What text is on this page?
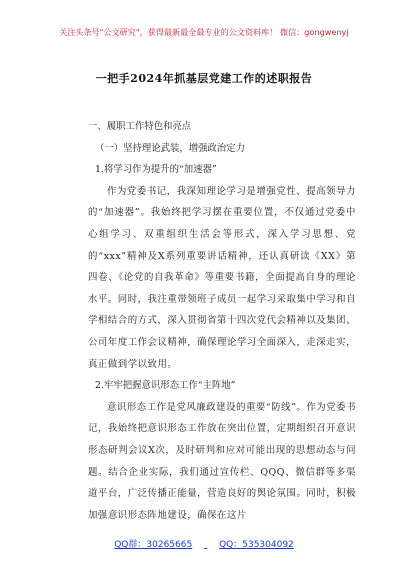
关注头条号"公文研究"，获得最新最全最专业的公文资料库！ 微信：gongwenyj
一把手2024年抓基层党建工作的述职报告

一、履职工作特色和亮点

（一）坚持理论武装，增强政治定力

1.将学习作为提升的“加速器”

作为党委书记，我深知理论学习是增强党性、提高领导力的“加速器”。我始终把学习摆在重要位置，不仅通过党委中心组学习、双重组织生活会等形式，深入学习思想、党的“xxx”精神及X系列重要讲话精神，还认真研读《XX》第四卷、《论党的自我革命》等重要书籍，全面提高自身的理论水平。同时，我注重带领班子成员一起学习采取集中学习和自学相结合的方式，深入贯彻省第十四次党代会精神以及集团、公司年度工作会议精神，确保理论学习全面深入，走深走实，真正做到学以致用。

2.牢牢把握意识形态工作“主阵地”

意识形态工作是党风廉政建设的重要“防线”。作为党委书记，我始终把意识形态工作放在突出位置，定期组织召开意识形态研判会议X次，及时研判和应对可能出现的思想动态与问题。结合企业实际，我们通过宣传栏、QQQ、微信群等多渠道平台，广泛传播正能量，营造良好的舆论氛围。同时，积极加强意识形态阵地建设，确保在这片

QQ群：30265665	QQ：535304092
